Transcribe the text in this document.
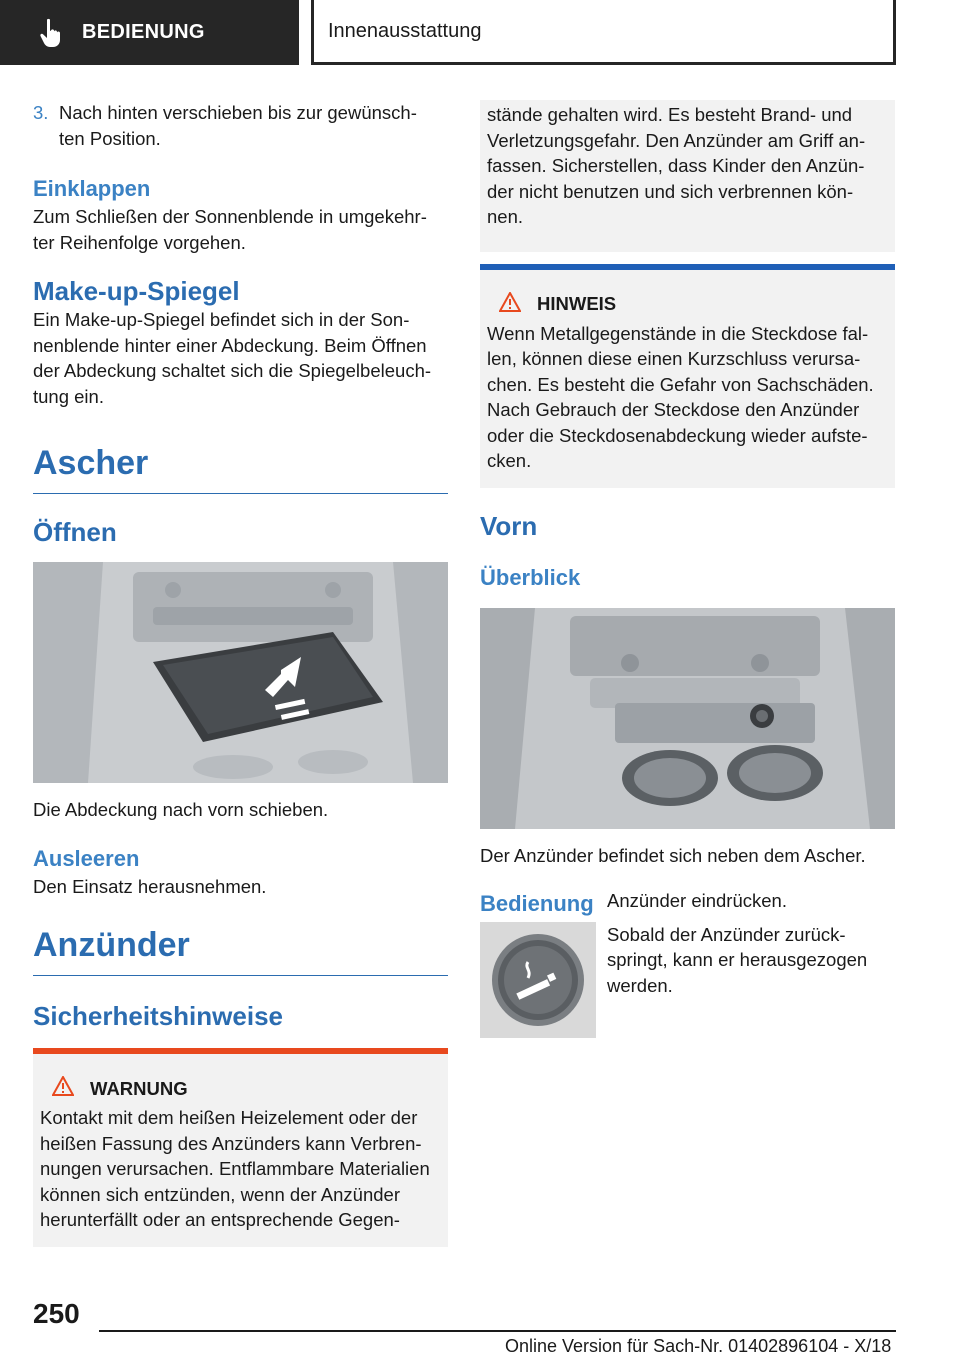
BEDIENUNG	Innenausstattung
3. Nach hinten verschieben bis zur gewünsch-ten Position.
Einklappen

Zum Schließen der Sonnenblende in umgekehr-ter Reihenfolge vorgehen.

Make-up-Spiegel

Ein Make-up-Spiegel befindet sich in der Son-nenblende hinter einer Abdeckung. Beim Öffnen der Abdeckung schaltet sich die Spiegelbeleuch-tung ein.

Ascher
Öffnen

Die Abdeckung nach vorn schieben.

Ausleeren

Den Einsatz herausnehmen.

Anzünder
Sicherheitshinweise
WARNUNG

Kontakt mit dem heißen Heizelement oder der heißen Fassung des Anzünders kann Verbren-nungen verursachen. Entflammbare Materialien können sich entzünden, wenn der Anzünder herunterfällt oder an entsprechende Gegen-

stände gehalten wird. Es besteht Brand- und Verletzungsgefahr. Den Anzünder am Griff an-fassen. Sicherstellen, dass Kinder den Anzün-der nicht benutzen und sich verbrennen kön-nen.

HINWEIS

Wenn Metallgegenstände in die Steckdose fal-len, können diese einen Kurzschluss verursa-chen. Es besteht die Gefahr von Sachschäden. Nach Gebrauch der Steckdose den Anzünder oder die Steckdosenabdeckung wieder aufste-cken.

Vorn
Überblick

Der Anzünder befindet sich neben dem Ascher.

Bedienung Anzünder eindrücken.

Sobald der Anzünder zurück-springt, kann er herausgezogen werden.

250
Online Version für Sach-Nr. 01402896104 - X/18
